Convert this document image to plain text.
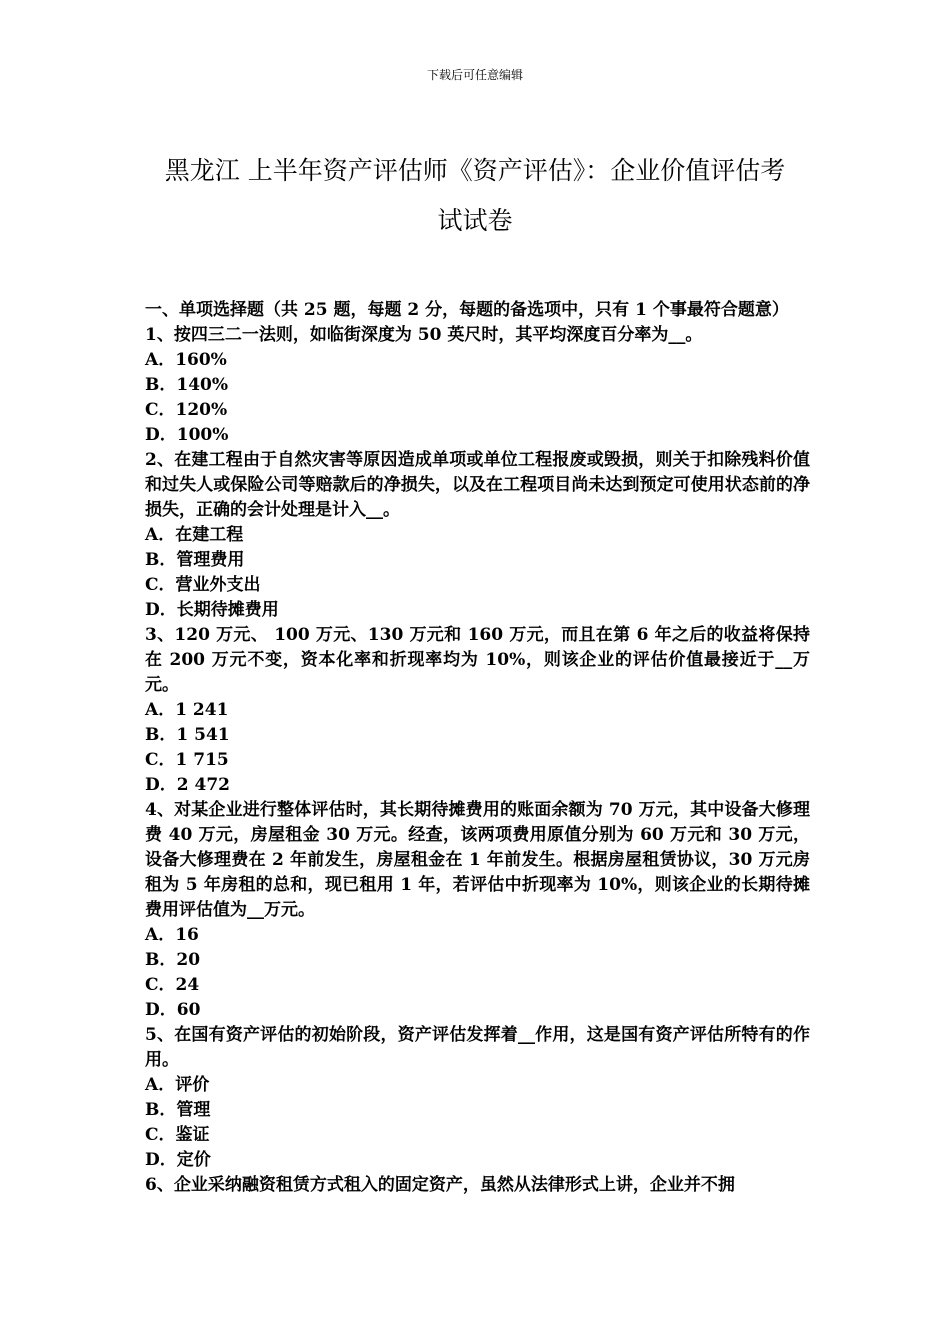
下载后可任意编辑
黑龙江 上半年资产评估师《资产评估》：企业价值评估考
试试卷

一、单项选择题（共 25 题，每题 2 分，每题的备选项中，只有 1 个事最符合题意）

1、按四三二一法则，如临街深度为 50 英尺时，其平均深度百分率为__。

A．160%

B．140%

C．120%

D．100%

2、在建工程由于自然灾害等原因造成单项或单位工程报废或毁损，则关于扣除残料价值和过失人或保险公司等赔款后的净损失，以及在工程项目尚未达到预定可使用状态前的净损失，正确的会计处理是计入__。

A．在建工程

B．管理费用

C．营业外支出

D．长期待摊费用

3、120 万元、 100 万元、130 万元和 160 万元，而且在第 6 年之后的收益将保持在 200 万元不变，资本化率和折现率均为 10%，则该企业的评估价值最接近于__万元。

A．1 241

B．1 541

C．1 715

D．2 472

4、对某企业进行整体评估时，其长期待摊费用的账面余额为 70 万元，其中设备大修理费 40 万元，房屋租金 30 万元。经查，该两项费用原值分别为 60 万元和 30 万元，设备大修理费在 2 年前发生，房屋租金在 1 年前发生。根据房屋租赁协议，30 万元房租为 5 年房租的总和，现已租用 1 年，若评估中折现率为 10%，则该企业的长期待摊费用评估值为__万元。

A．16

B．20

C．24

D．60

5、在国有资产评估的初始阶段，资产评估发挥着__作用，这是国有资产评估所特有的作用。

A．评价

B．管理

C．鉴证

D．定价

6、企业采纳融资租赁方式租入的固定资产，虽然从法律形式上讲，企业并不拥
